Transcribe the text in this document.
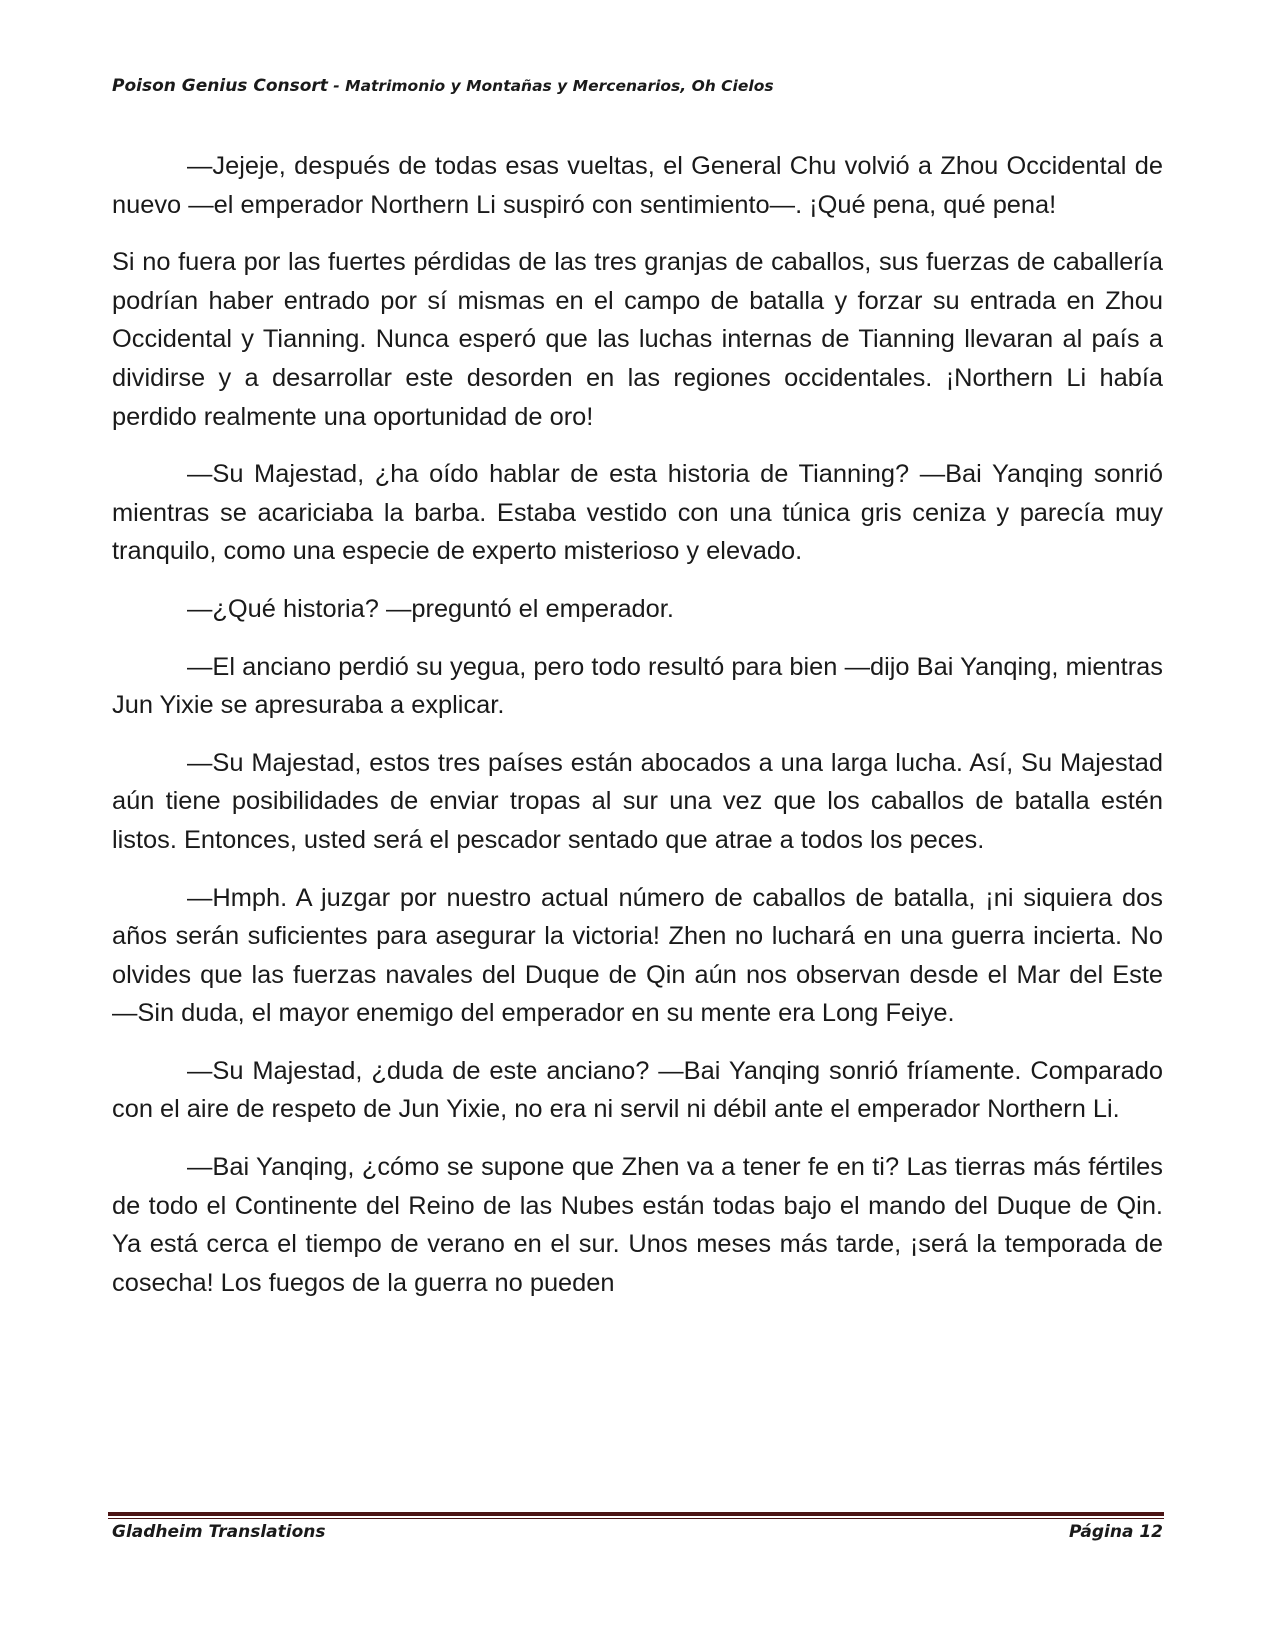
Poison Genius Consort - Matrimonio y Montañas y Mercenarios, Oh Cielos

—Jejeje, después de todas esas vueltas, el General Chu volvió a Zhou Occidental de nuevo —el emperador Northern Li suspiró con sentimiento—. ¡Qué pena, qué pena!

Si no fuera por las fuertes pérdidas de las tres granjas de caballos, sus fuerzas de caballería podrían haber entrado por sí mismas en el campo de batalla y forzar su entrada en Zhou Occidental y Tianning. Nunca esperó que las luchas internas de Tianning llevaran al país a dividirse y a desarrollar este desorden en las regiones occidentales. ¡Northern Li había perdido realmente una oportunidad de oro!

—Su Majestad, ¿ha oído hablar de esta historia de Tianning? —Bai Yanqing sonrió mientras se acariciaba la barba. Estaba vestido con una túnica gris ceniza y parecía muy tranquilo, como una especie de experto misterioso y elevado.

—¿Qué historia? —preguntó el emperador.

—El anciano perdió su yegua, pero todo resultó para bien —dijo Bai Yanqing, mientras Jun Yixie se apresuraba a explicar.

—Su Majestad, estos tres países están abocados a una larga lucha. Así, Su Majestad aún tiene posibilidades de enviar tropas al sur una vez que los caballos de batalla estén listos. Entonces, usted será el pescador sentado que atrae a todos los peces.

—Hmph. A juzgar por nuestro actual número de caballos de batalla, ¡ni siquiera dos años serán suficientes para asegurar la victoria! Zhen no luchará en una guerra incierta. No olvides que las fuerzas navales del Duque de Qin aún nos observan desde el Mar del Este —Sin duda, el mayor enemigo del emperador en su mente era Long Feiye.

—Su Majestad, ¿duda de este anciano? —Bai Yanqing sonrió fríamente. Comparado con el aire de respeto de Jun Yixie, no era ni servil ni débil ante el emperador Northern Li.

—Bai Yanqing, ¿cómo se supone que Zhen va a tener fe en ti? Las tierras más fértiles de todo el Continente del Reino de las Nubes están todas bajo el mando del Duque de Qin. Ya está cerca el tiempo de verano en el sur. Unos meses más tarde, ¡será la temporada de cosecha! Los fuegos de la guerra no pueden

Gladheim Translations	Página 12
